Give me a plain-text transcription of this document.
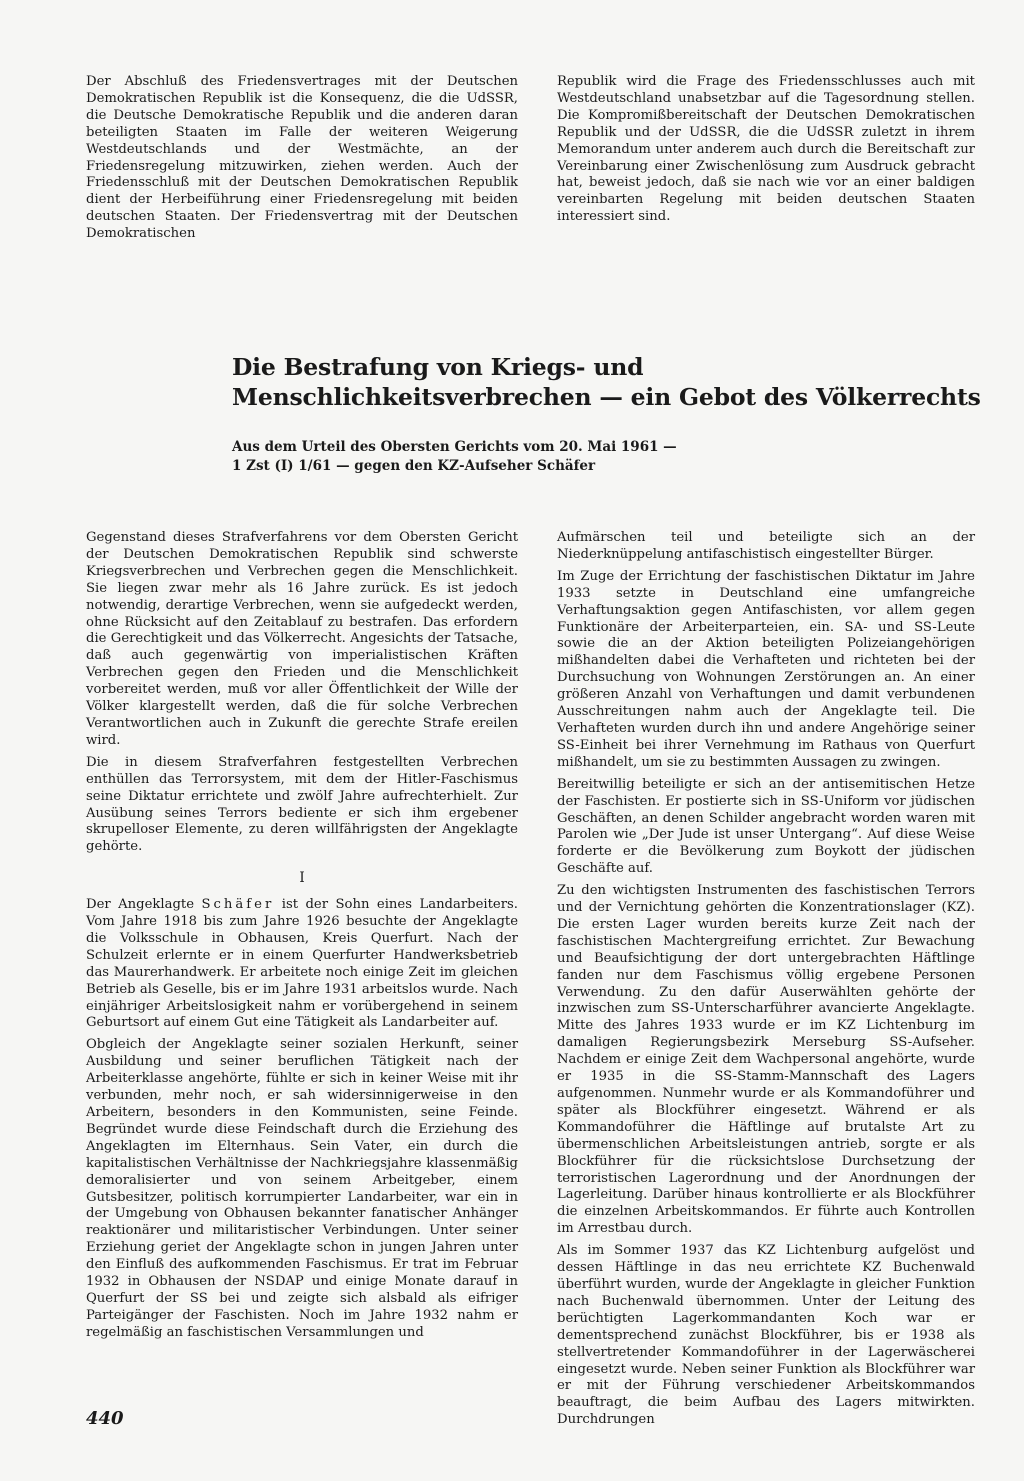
Der Abschluß des Friedensvertrages mit der Deutschen Demokratischen Republik ist die Konsequenz, die die UdSSR, die Deutsche Demokratische Republik und die anderen daran beteiligten Staaten im Falle der weiteren Weigerung Westdeutschlands und der Westmächte, an der Friedensregelung mitzuwirken, ziehen werden. Auch der Friedensschluß mit der Deutschen Demokratischen Republik dient der Herbeiführung einer Friedensregelung mit beiden deutschen Staaten. Der Friedensvertrag mit der Deutschen Demokratischen

Republik wird die Frage des Friedensschlusses auch mit Westdeutschland unabsetzbar auf die Tagesordnung stellen. Die Kompromißbereitschaft der Deutschen Demokratischen Republik und der UdSSR, die die UdSSR zuletzt in ihrem Memorandum unter anderem auch durch die Bereitschaft zur Vereinbarung einer Zwischenlösung zum Ausdruck gebracht hat, beweist jedoch, daß sie nach wie vor an einer baldigen vereinbarten Regelung mit beiden deutschen Staaten interessiert sind.

Die Bestrafung von Kriegs- und Menschlichkeitsverbrechen — ein Gebot des Völkerrechts
Aus dem Urteil des Obersten Gerichts vom 20. Mai 1961 —
1 Zst (I) 1/61 — gegen den KZ-Aufseher Schäfer

Gegenstand dieses Strafverfahrens vor dem Obersten Gericht der Deutschen Demokratischen Republik sind schwerste Kriegsverbrechen und Verbrechen gegen die Menschlichkeit. Sie liegen zwar mehr als 16 Jahre zurück. Es ist jedoch notwendig, derartige Verbrechen, wenn sie aufgedeckt werden, ohne Rücksicht auf den Zeitablauf zu bestrafen. Das erfordern die Gerechtigkeit und das Völkerrecht. Angesichts der Tatsache, daß auch gegenwärtig von imperialistischen Kräften Verbrechen gegen den Frieden und die Menschlichkeit vorbereitet werden, muß vor aller Öffentlichkeit der Wille der Völker klargestellt werden, daß die für solche Verbrechen Verantwortlichen auch in Zukunft die gerechte Strafe ereilen wird.

Die in diesem Strafverfahren festgestellten Verbrechen enthüllen das Terrorsystem, mit dem der Hitler-Faschismus seine Diktatur errichtete und zwölf Jahre aufrechterhielt. Zur Ausübung seines Terrors bediente er sich ihm ergebener skrupelloser Elemente, zu deren willfährigsten der Angeklagte gehörte.

I

Der Angeklagte Schäfer ist der Sohn eines Landarbeiters. Vom Jahre 1918 bis zum Jahre 1926 besuchte der Angeklagte die Volksschule in Obhausen, Kreis Querfurt. Nach der Schulzeit erlernte er in einem Querfurter Handwerksbetrieb das Maurerhandwerk. Er arbeitete noch einige Zeit im gleichen Betrieb als Geselle, bis er im Jahre 1931 arbeitslos wurde. Nach einjähriger Arbeitslosigkeit nahm er vorübergehend in seinem Geburtsort auf einem Gut eine Tätigkeit als Landarbeiter auf.

Obgleich der Angeklagte seiner sozialen Herkunft, seiner Ausbildung und seiner beruflichen Tätigkeit nach der Arbeiterklasse angehörte, fühlte er sich in keiner Weise mit ihr verbunden, mehr noch, er sah widersinnigerweise in den Arbeitern, besonders in den Kommunisten, seine Feinde. Begründet wurde diese Feindschaft durch die Erziehung des Angeklagten im Elternhaus. Sein Vater, ein durch die kapitalistischen Verhältnisse der Nachkriegsjahre klassenmäßig demoralisierter und von seinem Arbeitgeber, einem Gutsbesitzer, politisch korrumpierter Landarbeiter, war ein in der Umgebung von Obhausen bekannter fanatischer Anhänger reaktionärer und militaristischer Verbindungen. Unter seiner Erziehung geriet der Angeklagte schon in jungen Jahren unter den Einfluß des aufkommenden Faschismus. Er trat im Februar 1932 in Obhausen der NSDAP und einige Monate darauf in Querfurt der SS bei und zeigte sich alsbald als eifriger Parteigänger der Faschisten. Noch im Jahre 1932 nahm er regelmäßig an faschistischen Versammlungen und

Aufmärschen teil und beteiligte sich an der Niederknüppelung antifaschistisch eingestellter Bürger.

Im Zuge der Errichtung der faschistischen Diktatur im Jahre 1933 setzte in Deutschland eine umfangreiche Verhaftungsaktion gegen Antifaschisten, vor allem gegen Funktionäre der Arbeiterparteien, ein. SA- und SS-Leute sowie die an der Aktion beteiligten Polizeiangehörigen mißhandelten dabei die Verhafteten und richteten bei der Durchsuchung von Wohnungen Zerstörungen an. An einer größeren Anzahl von Verhaftungen und damit verbundenen Ausschreitungen nahm auch der Angeklagte teil. Die Verhafteten wurden durch ihn und andere Angehörige seiner SS-Einheit bei ihrer Vernehmung im Rathaus von Querfurt mißhandelt, um sie zu bestimmten Aussagen zu zwingen.

Bereitwillig beteiligte er sich an der antisemitischen Hetze der Faschisten. Er postierte sich in SS-Uniform vor jüdischen Geschäften, an denen Schilder angebracht worden waren mit Parolen wie „Der Jude ist unser Untergang“. Auf diese Weise forderte er die Bevölkerung zum Boykott der jüdischen Geschäfte auf.

Zu den wichtigsten Instrumenten des faschistischen Terrors und der Vernichtung gehörten die Konzentrationslager (KZ). Die ersten Lager wurden bereits kurze Zeit nach der faschistischen Machtergreifung errichtet. Zur Bewachung und Beaufsichtigung der dort untergebrachten Häftlinge fanden nur dem Faschismus völlig ergebene Personen Verwendung. Zu den dafür Auserwählten gehörte der inzwischen zum SS-Unterscharführer avancierte Angeklagte. Mitte des Jahres 1933 wurde er im KZ Lichtenburg im damaligen Regierungsbezirk Merseburg SS-Aufseher. Nachdem er einige Zeit dem Wachpersonal angehörte, wurde er 1935 in die SS-Stamm-Mannschaft des Lagers aufgenommen. Nunmehr wurde er als Kommandoführer und später als Blockführer eingesetzt. Während er als Kommandoführer die Häftlinge auf brutalste Art zu übermenschlichen Arbeitsleistungen antrieb, sorgte er als Blockführer für die rücksichtslose Durchsetzung der terroristischen Lagerordnung und der Anordnungen der Lagerleitung. Darüber hinaus kontrollierte er als Blockführer die einzelnen Arbeitskommandos. Er führte auch Kontrollen im Arrestbau durch.

Als im Sommer 1937 das KZ Lichtenburg aufgelöst und dessen Häftlinge in das neu errichtete KZ Buchenwald überführt wurden, wurde der Angeklagte in gleicher Funktion nach Buchenwald übernommen. Unter der Leitung des berüchtigten Lagerkommandanten Koch war er dementsprechend zunächst Blockführer, bis er 1938 als stellvertretender Kommandoführer in der Lagerwäscherei eingesetzt wurde. Neben seiner Funktion als Blockführer war er mit der Führung verschiedener Arbeitskommandos beauftragt, die beim Aufbau des Lagers mitwirkten. Durchdrungen

440
